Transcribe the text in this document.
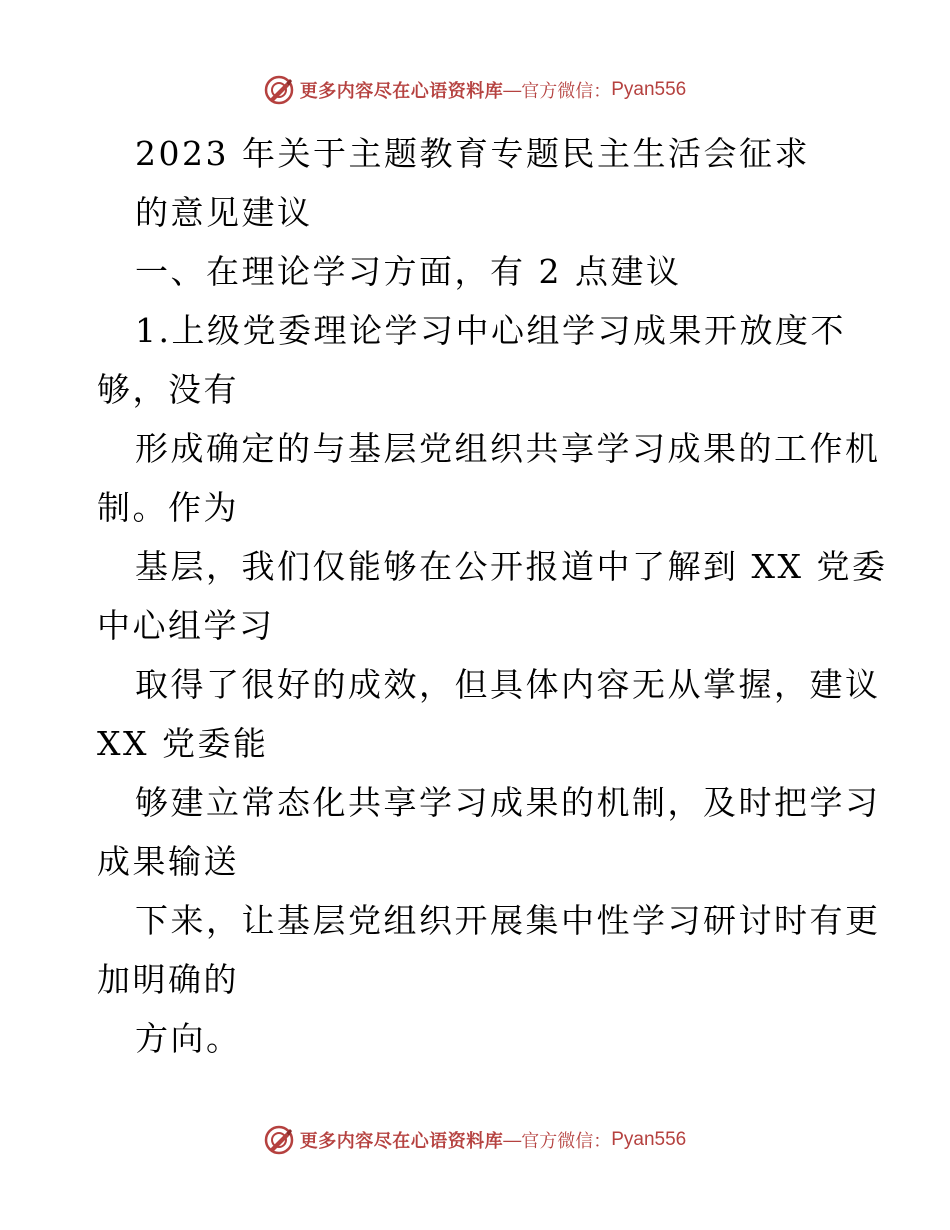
更多内容尽在心语资料库 — 官方微信： Pyan556
2023 年关于主题教育专题民主生活会征求
的意见建议
一、在理论学习方面，有 2 点建议
1.上级党委理论学习中心组学习成果开放度不
够，没有
形成确定的与基层党组织共享学习成果的工作机
制。作为
基层，我们仅能够在公开报道中了解到 XX 党委
中心组学习
取得了很好的成效，但具体内容无从掌握，建议
XX 党委能
够建立常态化共享学习成果的机制，及时把学习
成果输送
下来，让基层党组织开展集中性学习研讨时有更
加明确的
方向。
更多内容尽在心语资料库 — 官方微信： Pyan556
